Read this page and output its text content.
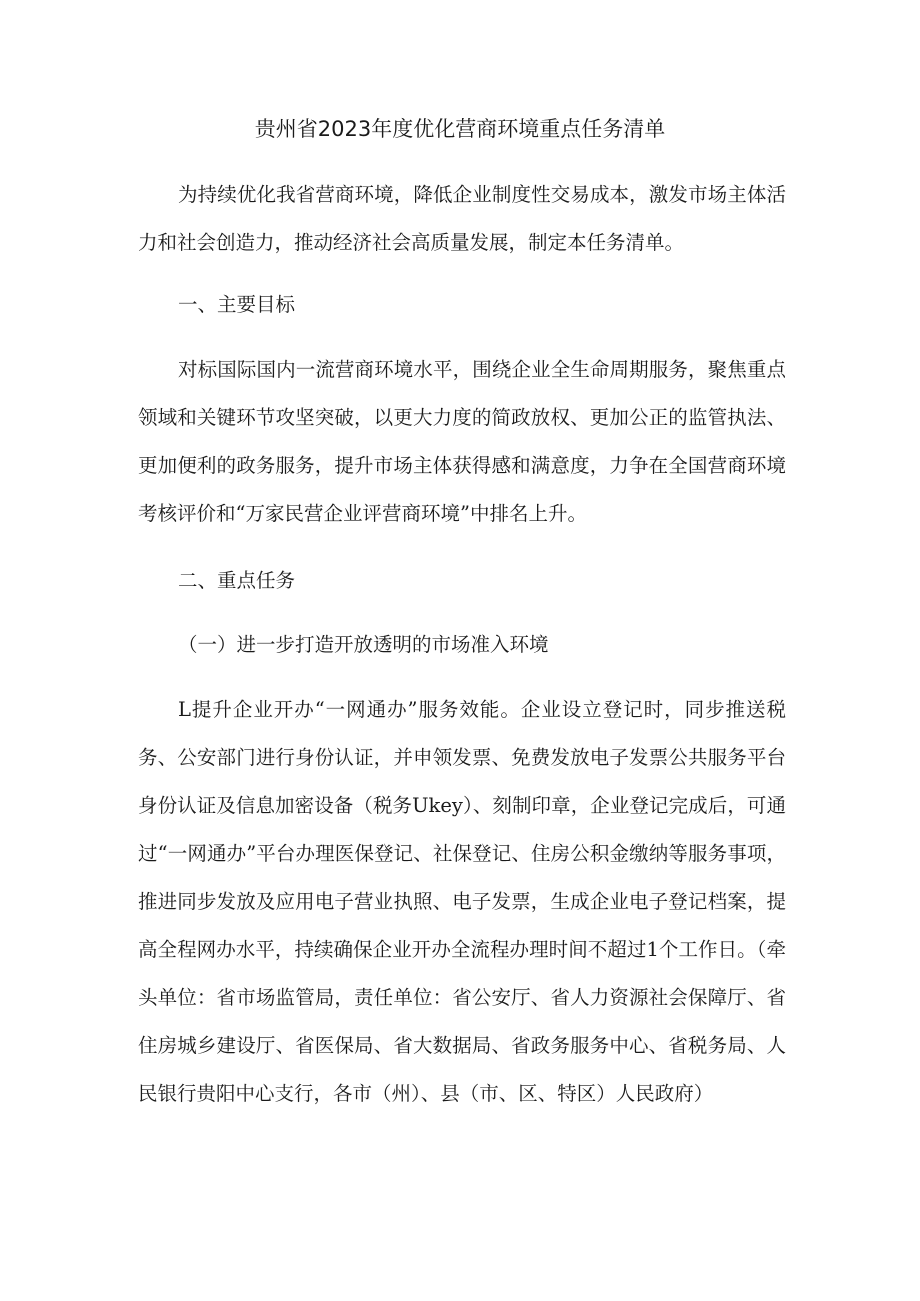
贵州省2023年度优化营商环境重点任务清单

为持续优化我省营商环境，降低企业制度性交易成本，激发市场主体活力和社会创造力，推动经济社会高质量发展，制定本任务清单。

一、主要目标

对标国际国内一流营商环境水平，围绕企业全生命周期服务，聚焦重点领域和关键环节攻坚突破，以更大力度的简政放权、更加公正的监管执法、更加便利的政务服务，提升市场主体获得感和满意度，力争在全国营商环境考核评价和“万家民营企业评营商环境”中排名上升。

二、重点任务

（一）进一步打造开放透明的市场准入环境

L提升企业开办“一网通办”服务效能。企业设立登记时，同步推送税务、公安部门进行身份认证，并申领发票、免费发放电子发票公共服务平台身份认证及信息加密设备（税务Ukey）、刻制印章，企业登记完成后，可通过“一网通办”平台办理医保登记、社保登记、住房公积金缴纳等服务事项，推进同步发放及应用电子营业执照、电子发票，生成企业电子登记档案，提高全程网办水平，持续确保企业开办全流程办理时间不超过1个工作日。（牵头单位：省市场监管局，责任单位：省公安厅、省人力资源社会保障厅、省住房城乡建设厅、省医保局、省大数据局、省政务服务中心、省税务局、人民银行贵阳中心支行，各市（州）、县（市、区、特区）人民政府）
